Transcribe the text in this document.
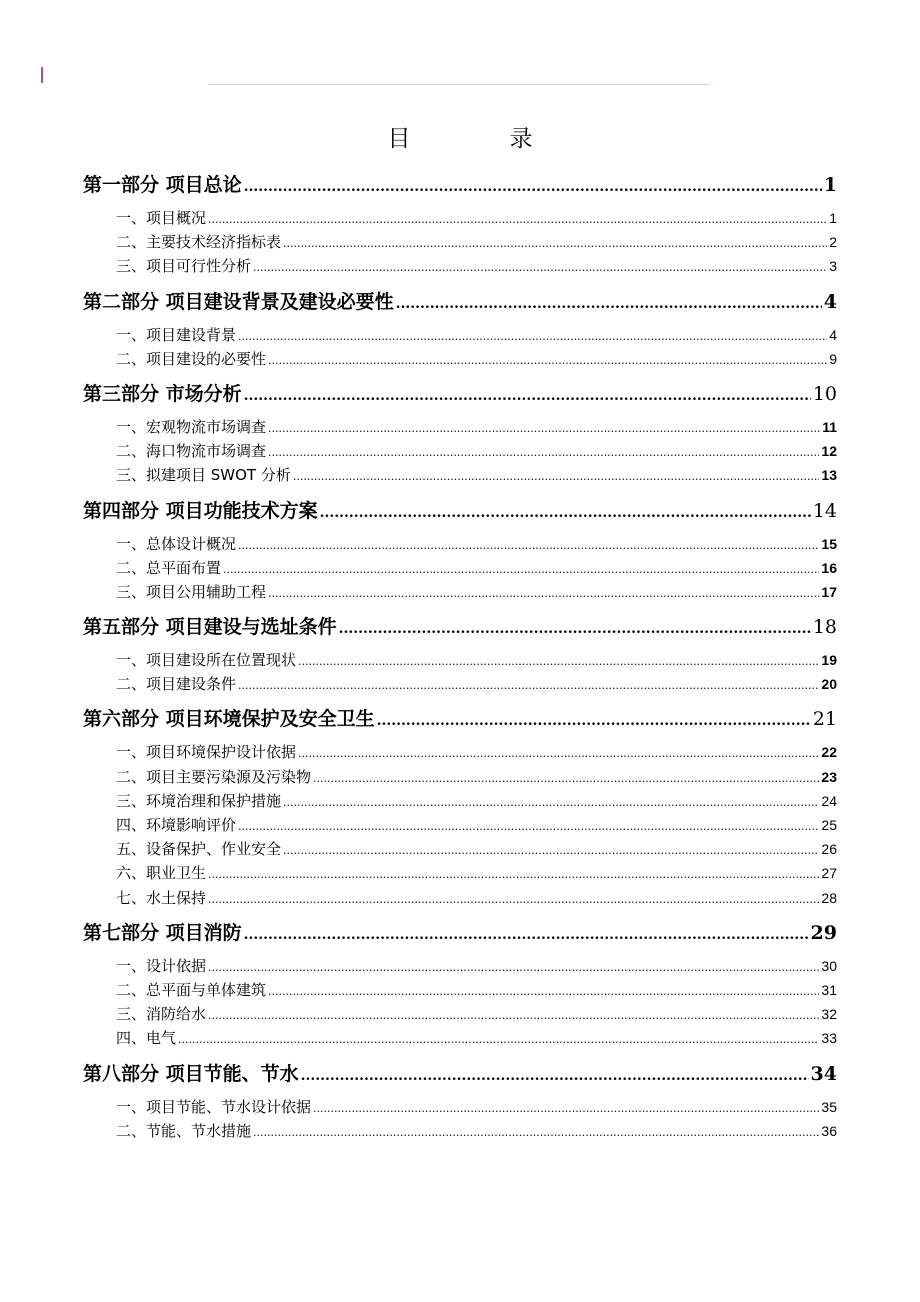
目　录
第一部分 项目总论 .....	1
一、项目概况 .....	1
二、主要技术经济指标表 .....	2
三、项目可行性分析 .....	3
第二部分 项目建设背景及建设必要性 .....	4
一、项目建设背景 .....	4
二、项目建设的必要性 .....	9
第三部分 市场分析 .....	10
一、宏观物流市场调查 .....	11
二、海口物流市场调查 .....	12
三、拟建项目 SWOT 分析 .....	13
第四部分 项目功能技术方案 .....	14
一、总体设计概况 .....	15
二、总平面布置 .....	16
三、项目公用辅助工程 .....	17
第五部分 项目建设与选址条件 .....	18
一、项目建设所在位置现状 .....	19
二、项目建设条件 .....	20
第六部分 项目环境保护及安全卫生 .....	21
一、项目环境保护设计依据 .....	22
二、项目主要污染源及污染物 .....	23
三、环境治理和保护措施 .....	24
四、环境影响评价 .....	25
五、设备保护、作业安全 .....	26
六、职业卫生 .....	27
七、水土保持 .....	28
第七部分 项目消防 .....	29
一、设计依据 .....	30
二、总平面与单体建筑 .....	31
三、消防给水 .....	32
四、电气 .....	33
第八部分 项目节能、节水 .....	34
一、项目节能、节水设计依据 .....	35
二、节能、节水措施 .....	36
